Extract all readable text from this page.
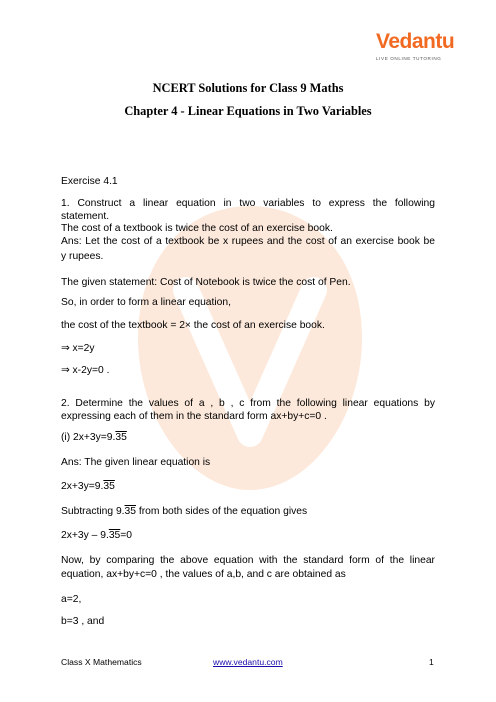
Vedantu
LIVE ONLINE TUTORING
NCERT Solutions for Class 9 Maths
Chapter 4 - Linear Equations in Two Variables
Exercise 4.1
1. Construct a linear equation in two variables to express the following
statement.
The cost of a textbook is twice the cost of an exercise book.
Ans: Let the cost of a textbook be x rupees and the cost of an exercise book be
y rupees.
The given statement: Cost of Notebook is twice the cost of Pen.
So, in order to form a linear equation,
the cost of the textbook = 2× the cost of an exercise book.
⇒ x=2y
⇒ x-2y=0 .
2. Determine the values of a , b , c from the following linear equations by
expressing each of them in the standard form ax+by+c=0 .
(i) 2x+3y=9.35
Ans: The given linear equation is
2x+3y=9.35
Subtracting 9.35 from both sides of the equation gives
2x+3y – 9.35=0
Now, by comparing the above equation with the standard form of the linear
equation, ax+by+c=0 , the values of a,b, and c are obtained as
a=2,
b=3 , and
Class X Mathematics	www.vedantu.com	1
